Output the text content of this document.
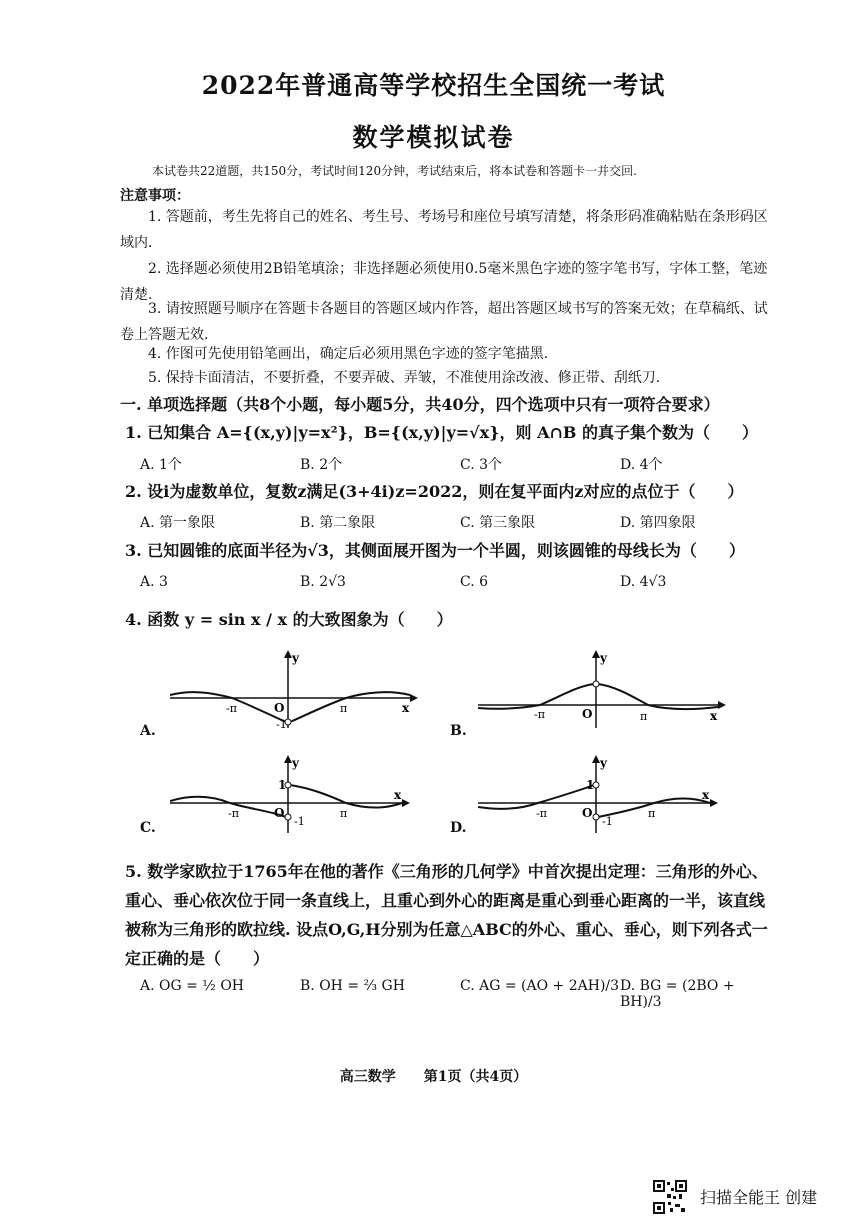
2022年普通高等学校招生全国统一考试
数学模拟试卷
本试卷共22道题，共150分，考试时间120分钟，考试结束后，将本试卷和答题卡一并交回.
注意事项：
1. 答题前，考生先将自己的姓名、考生号、考场号和座位号填写清楚，将条形码准确粘贴在条形码区域内.
2. 选择题必须使用2B铅笔填涂；非选择题必须使用0.5毫米黑色字迹的签字笔书写，字体工整，笔迹清楚.
3. 请按照题号顺序在答题卡各题目的答题区域内作答，超出答题区域书写的答案无效；在草稿纸、试卷上答题无效.
4. 作图可先使用铅笔画出，确定后必须用黑色字迹的签字笔描黑.
5. 保持卡面清洁，不要折叠，不要弄破、弄皱，不准使用涂改液、修正带、刮纸刀.
一. 单项选择题（共8个小题，每小题5分，共40分，四个选项中只有一项符合要求）
1. 已知集合 A={(x,y)|y=x²}，B={(x,y)|y=√x}，则 A∩B 的真子集个数为（　　）
A. 1个	B. 2个	C. 3个	D. 4个
2. 设i为虚数单位，复数z满足(3+4i)z=2022，则在复平面内z对应的点位于（　　）
A. 第一象限	B. 第二象限	C. 第三象限	D. 第四象限
3. 已知圆锥的底面半径为√3，其侧面展开图为一个半圆，则该圆锥的母线长为（　　）
A. 3	B. 2√3	C. 6	D. 4√3
4. 函数 y = sin x / x 的大致图象为（　　）
A.
y
x
O
-π	π
-1	B.
y
x
O
-π	π
C.
y
x
O
-π	π
1
-1	D.
y
x
O
-π	π
1
-1
5. 数学家欧拉于1765年在他的著作《三角形的几何学》中首次提出定理：三角形的外心、重心、垂心依次位于同一条直线上，且重心到外心的距离是重心到垂心距离的一半，该直线被称为三角形的欧拉线. 设点O,G,H分别为任意△ABC的外心、重心、垂心，则下列各式一定正确的是（　　）
A. OG = ½ OH	B. OH = ⅔ GH	C. AG = (AO + 2AH)/3 D. BG = (2BO + BH)/3
高三数学　　第1页（共4页）
扫描全能王 创建
